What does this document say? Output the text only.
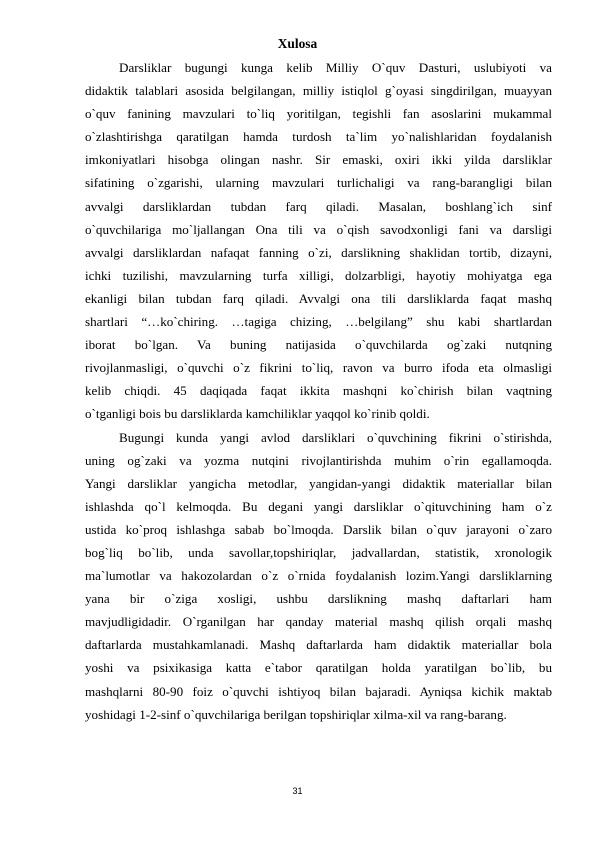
Xulosa
Darsliklar bugungi kunga kelib Milliy O`quv Dasturi, uslubiyoti va
didaktik talablari asosida belgilangan, milliy istiqlol g`oyasi singdirilgan, muayyan
o`quv fanining mavzulari to`liq yoritilgan, tegishli fan asoslarini mukammal
o`zlashtirishga qaratilgan hamda turdosh ta`lim yo`nalishlaridan foydalanish
imkoniyatlari hisobga olingan nashr. Sir emaski, oxiri ikki yilda darsliklar
sifatining o`zgarishi, ularning mavzulari turlichaligi va rang-barangligi bilan
avvalgi darsliklardan tubdan farq qiladi. Masalan, boshlang`ich sinf
o`quvchilariga mo`ljallangan Ona tili va o`qish savodxonligi fani va darsligi
avvalgi darsliklardan nafaqat fanning o`zi, darslikning shaklidan tortib, dizayni,
ichki tuzilishi, mavzularning turfa xilligi, dolzarbligi, hayotiy mohiyatga ega
ekanligi bilan tubdan farq qiladi. Avvalgi ona tili darsliklarda faqat mashq
shartlari “…ko`chiring. …tagiga chizing, …belgilang” shu kabi shartlardan
iborat bo`lgan. Va buning natijasida o`quvchilarda og`zaki nutqning
rivojlanmasligi, o`quvchi o`z fikrini to`liq, ravon va burro ifoda eta olmasligi
kelib chiqdi. 45 daqiqada faqat ikkita mashqni ko`chirish bilan vaqtning
o`tganligi bois bu darsliklarda kamchiliklar yaqqol ko`rinib qoldi.
Bugungi kunda yangi avlod darsliklari o`quvchining fikrini o`stirishda,
uning og`zaki va yozma nutqini rivojlantirishda muhim o`rin egallamoqda.
Yangi darsliklar yangicha metodlar, yangidan-yangi didaktik materiallar bilan
ishlashda qo`l kelmoqda. Bu degani yangi darsliklar o`qituvchining ham o`z
ustida ko`proq ishlashga sabab bo`lmoqda. Darslik bilan o`quv jarayoni o`zaro
bog`liq bo`lib, unda savollar,topshiriqlar, jadvallardan, statistik, xronologik
ma`lumotlar va hakozolardan o`z o`rnida foydalanish lozim.Yangi darsliklarning
yana bir o`ziga xosligi, ushbu darslikning mashq daftarlari ham
mavjudligidadir. O`rganilgan har qanday material mashq qilish orqali mashq
daftarlarda mustahkamlanadi. Mashq daftarlarda ham didaktik materiallar bola
yoshi va psixikasiga katta e`tabor qaratilgan holda yaratilgan bo`lib, bu
mashqlarni 80-90 foiz o`quvchi ishtiyoq bilan bajaradi. Ayniqsa kichik maktab
yoshidagi 1-2-sinf o`quvchilariga berilgan topshiriqlar xilma-xil va rang-barang.
31
